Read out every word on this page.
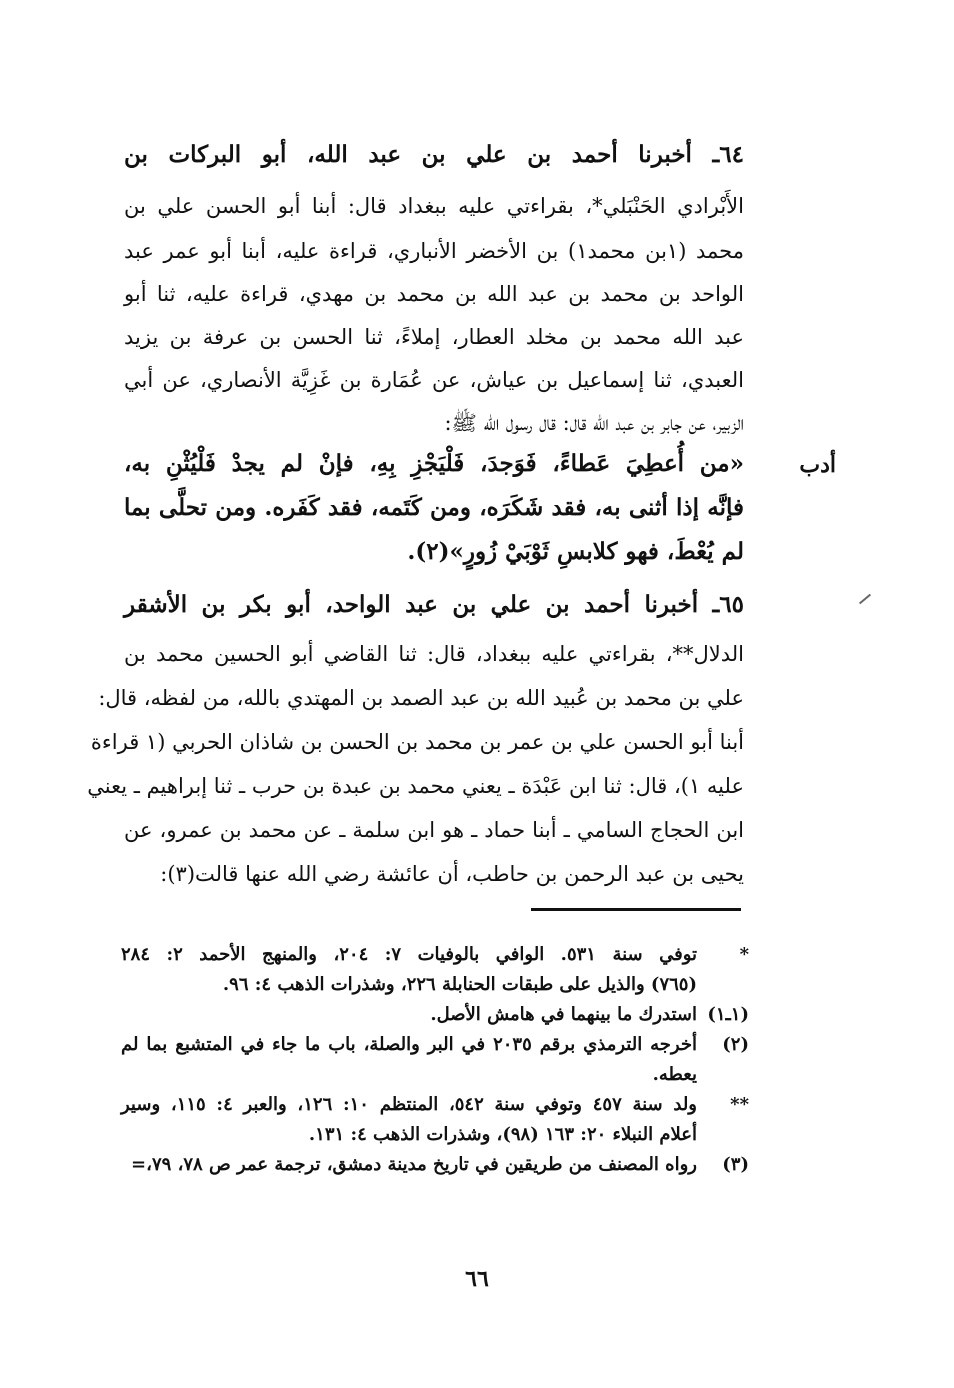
٦٤ـ أخبرنا أحمد بن علي بن عبد الله، أبو البركات بن
الأَبْرادي الحَنْبَلي*، بقراءتي عليه ببغداد قال: أبنا أبو الحسن علي بن
محمد (١بن محمد١) بن الأخضر الأنباري، قراءة عليه، أبنا أبو عمر عبد
الواحد بن محمد بن عبد الله بن محمد بن مهدي، قراءة عليه، ثنا أبو
عبد الله محمد بن مخلد العطار، إملاءً، ثنا الحسن بن عرفة بن يزيد
العبدي، ثنا إسماعيل بن عياش، عن عُمَارة بن غَزِيَّة الأنصاري، عن أبي
الزبير، عن جابر بن عبد الله قال: قال رسول الله ﷺ:
أدب
«من أُعطِيَ عَطاءً، فَوَجدَ، فَلْيَجْزِ بِهِ، فإنْ لم يجدْ فَلْيُثْنِ به،
فإنَّه إذا أثنى به، فقد شَكَرَه، ومن كَتَمه، فقد كَفَره. ومن تحلَّى بما
لم يُعْطَ، فهو كلابسِ ثَوْبَيْ زُورٍ»(٢).
٦٥ـ أخبرنا أحمد بن علي بن عبد الواحد، أبو بكر بن الأشقر
الدلال**، بقراءتي عليه ببغداد، قال: ثنا القاضي أبو الحسين محمد بن
علي بن محمد بن عُبيد الله بن عبد الصمد بن المهتدي بالله، من لفظه، قال:
أبنا أبو الحسن علي بن عمر بن محمد بن الحسن بن شاذان الحربي (١ قراءة
عليه ١)، قال: ثنا ابن عَبْدَة ـ يعني محمد بن عبدة بن حرب ـ ثنا إبراهيم ـ يعني
ابن الحجاج السامي ـ أبنا حماد ـ هو ابن سلمة ـ عن محمد بن عمرو، عن
يحيى بن عبد الرحمن بن حاطب، أن عائشة رضي الله عنها قالت(٣):
*
توفي سنة ٥٣١. الوافي بالوفيات ٧: ٢٠٤، والمنهج الأحمد ٢: ٢٨٤
(٧٦٥) والذيل على طبقات الحنابلة ٢٢٦، وشذرات الذهب ٤: ٩٦.
(١ـ١)
استدرك ما بينهما في هامش الأصل.
(٢)
أخرجه الترمذي برقم ٢٠٣٥ في البر والصلة، باب ما جاء في المتشبع بما لم
يعطه.
**
ولد سنة ٤٥٧ وتوفي سنة ٥٤٢، المنتظم ١٠: ١٢٦، والعبر ٤: ١١٥، وسير
أعلام النبلاء ٢٠: ١٦٣ (٩٨)، وشذرات الذهب ٤: ١٣١.
(٣)
رواه المصنف من طريقين في تاريخ مدينة دمشق، ترجمة عمر ص ٧٨، ٧٩،=
٦٦
